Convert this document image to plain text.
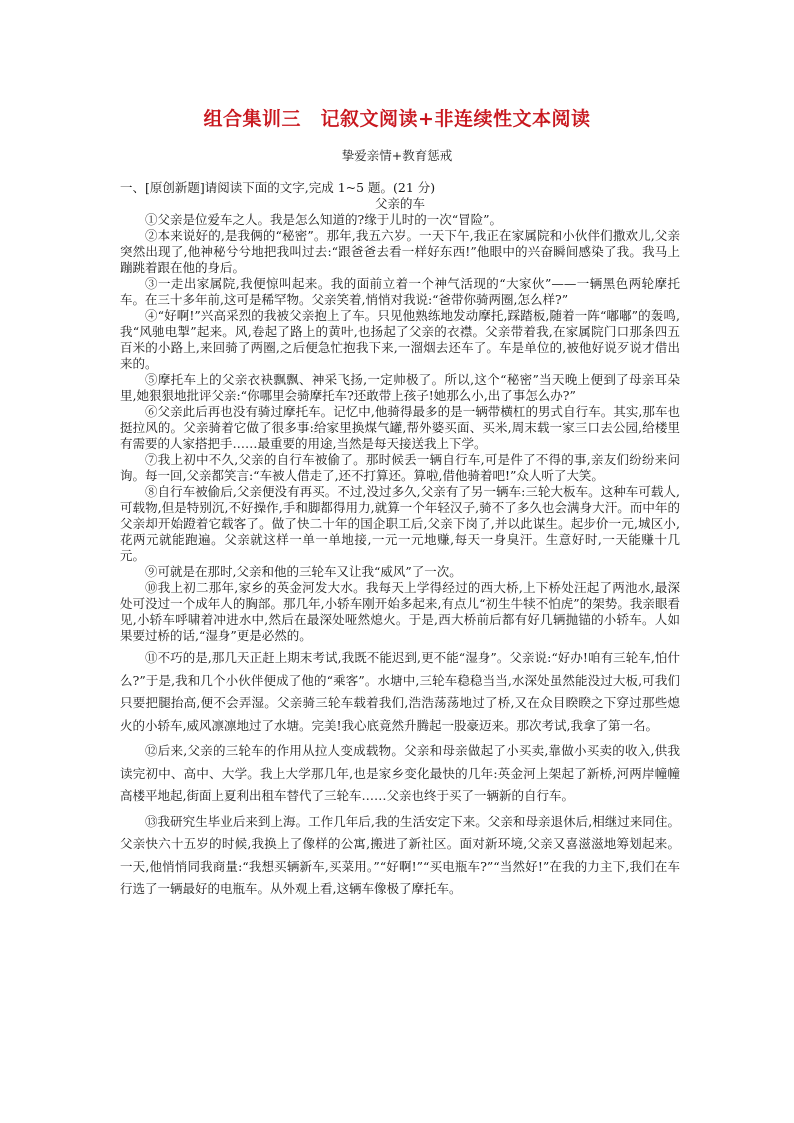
组合集训三　记叙文阅读+非连续性文本阅读
挚爱亲情+教育惩戒

一、[原创新题]请阅读下面的文字,完成 1~5 题。(21 分)

父亲的车

①父亲是位爱车之人。我是怎么知道的?缘于儿时的一次“冒险”。

②本来说好的,是我俩的“秘密”。那年,我五六岁。一天下午,我正在家属院和小伙伴们撒欢儿,父亲突然出现了,他神秘兮兮地把我叫过去:“跟爸爸去看一样好东西!”他眼中的兴奋瞬间感染了我。我马上蹦跳着跟在他的身后。

③一走出家属院,我便惊叫起来。我的面前立着一个神气活现的“大家伙”——一辆黑色两轮摩托车。在三十多年前,这可是稀罕物。父亲笑着,悄悄对我说:“爸带你骑两圈,怎么样?”

④“好啊!”兴高采烈的我被父亲抱上了车。只见他熟练地发动摩托,踩踏板,随着一阵“嘟嘟”的轰鸣,我“风驰电掣”起来。风,卷起了路上的黄叶,也扬起了父亲的衣襟。父亲带着我,在家属院门口那条四五百米的小路上,来回骑了两圈,之后便急忙抱我下来,一溜烟去还车了。车是单位的,被他好说歹说才借出来的。

⑤摩托车上的父亲衣袂飘飘、神采飞扬,一定帅极了。所以,这个“秘密”当天晚上便到了母亲耳朵里,她狠狠地批评父亲:“你哪里会骑摩托车?还敢带上孩子!她那么小,出了事怎么办?”

⑥父亲此后再也没有骑过摩托车。记忆中,他骑得最多的是一辆带横杠的男式自行车。其实,那车也挺拉风的。父亲骑着它做了很多事:给家里换煤气罐,帮外婆买面、买米,周末载一家三口去公园,给楼里有需要的人家搭把手……最重要的用途,当然是每天接送我上下学。

⑦我上初中不久,父亲的自行车被偷了。那时候丢一辆自行车,可是件了不得的事,亲友们纷纷来问询。每一回,父亲都笑言:“车被人借走了,还不打算还。算啦,借他骑着吧!”众人听了大笑。

⑧自行车被偷后,父亲便没有再买。不过,没过多久,父亲有了另一辆车:三轮大板车。这种车可载人,可载物,但是特别沉,不好操作,手和脚都得用力,就算一个年轻汉子,骑不了多久也会满身大汗。而中年的父亲却开始蹬着它载客了。做了快二十年的国企职工后,父亲下岗了,并以此谋生。起步价一元,城区小,花两元就能跑遍。父亲就这样一单一单地接,一元一元地赚,每天一身臭汗。生意好时,一天能赚十几元。

⑨可就是在那时,父亲和他的三轮车又让我“威风”了一次。

⑩我上初二那年,家乡的英金河发大水。我每天上学得经过的西大桥,上下桥处汪起了两池水,最深处可没过一个成年人的胸部。那几年,小轿车刚开始多起来,有点儿“初生牛犊不怕虎”的架势。我亲眼看见,小轿车呼啸着冲进水中,然后在最深处哑然熄火。于是,西大桥前后都有好几辆抛锚的小轿车。人如果要过桥的话,“湿身”更是必然的。

⑪不巧的是,那几天正赶上期末考试,我既不能迟到,更不能“湿身”。父亲说:“好办!咱有三轮车,怕什么?”于是,我和几个小伙伴便成了他的“乘客”。水塘中,三轮车稳稳当当,水深处虽然能没过大板,可我们只要把腿抬高,便不会弄湿。父亲骑三轮车载着我们,浩浩荡荡地过了桥,又在众目睽睽之下穿过那些熄火的小轿车,威风凛凛地过了水塘。完美!我心底竟然升腾起一股豪迈来。那次考试,我拿了第一名。

⑫后来,父亲的三轮车的作用从拉人变成载物。父亲和母亲做起了小买卖,靠做小买卖的收入,供我读完初中、高中、大学。我上大学那几年,也是家乡变化最快的几年:英金河上架起了新桥,河两岸幢幢高楼平地起,街面上夏利出租车替代了三轮车……父亲也终于买了一辆新的自行车。

⑬我研究生毕业后来到上海。工作几年后,我的生活安定下来。父亲和母亲退休后,相继过来同住。父亲快六十五岁的时候,我换上了像样的公寓,搬进了新社区。面对新环境,父亲又喜滋滋地筹划起来。一天,他悄悄同我商量:“我想买辆新车,买菜用。”“好啊!”“买电瓶车?”“当然好!”在我的力主下,我们在车行选了一辆最好的电瓶车。从外观上看,这辆车像极了摩托车。
